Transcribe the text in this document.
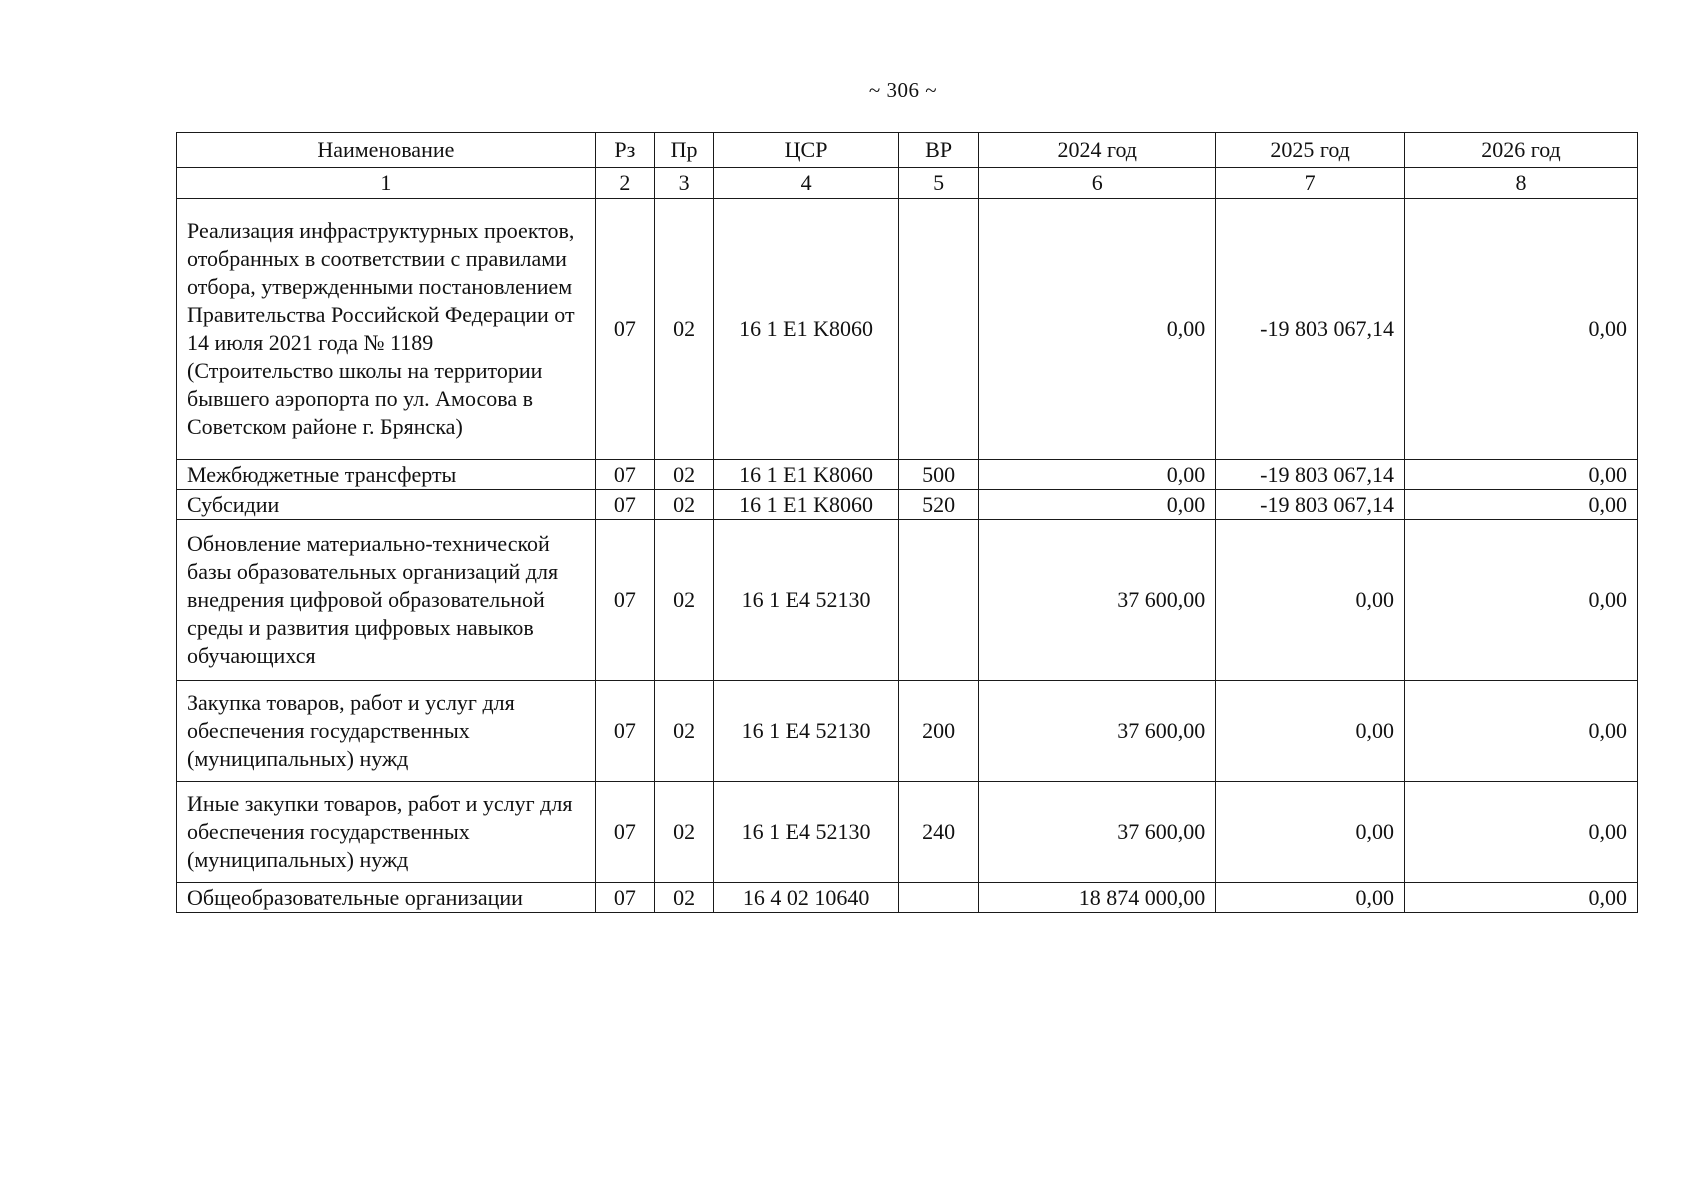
~ 306 ~
Наименование	Рз	Пр	ЦСР	ВР	2024 год	2025 год	2026 год
1	2	3	4	5	6	7	8
Реализация инфраструктурных проектов, отобранных в соответствии с правилами отбора, утвержденными постановлением Правительства Российской Федерации от 14 июля 2021 года № 1189 (Строительство школы на территории бывшего аэропорта по ул. Амосова в Советском районе г. Брянска)	07	02	16 1 E1 K8060		0,00	-19 803 067,14	0,00
Межбюджетные трансферты	07	02	16 1 E1 K8060	500	0,00	-19 803 067,14	0,00
Субсидии	07	02	16 1 E1 K8060	520	0,00	-19 803 067,14	0,00
Обновление материально-технической базы образовательных организаций для внедрения цифровой образовательной среды и развития цифровых навыков обучающихся	07	02	16 1 E4 52130		37 600,00	0,00	0,00
Закупка товаров, работ и услуг для обеспечения государственных (муниципальных) нужд	07	02	16 1 E4 52130	200	37 600,00	0,00	0,00
Иные закупки товаров, работ и услуг для обеспечения государственных (муниципальных) нужд	07	02	16 1 E4 52130	240	37 600,00	0,00	0,00
Общеобразовательные организации	07	02	16 4 02 10640		18 874 000,00	0,00	0,00
